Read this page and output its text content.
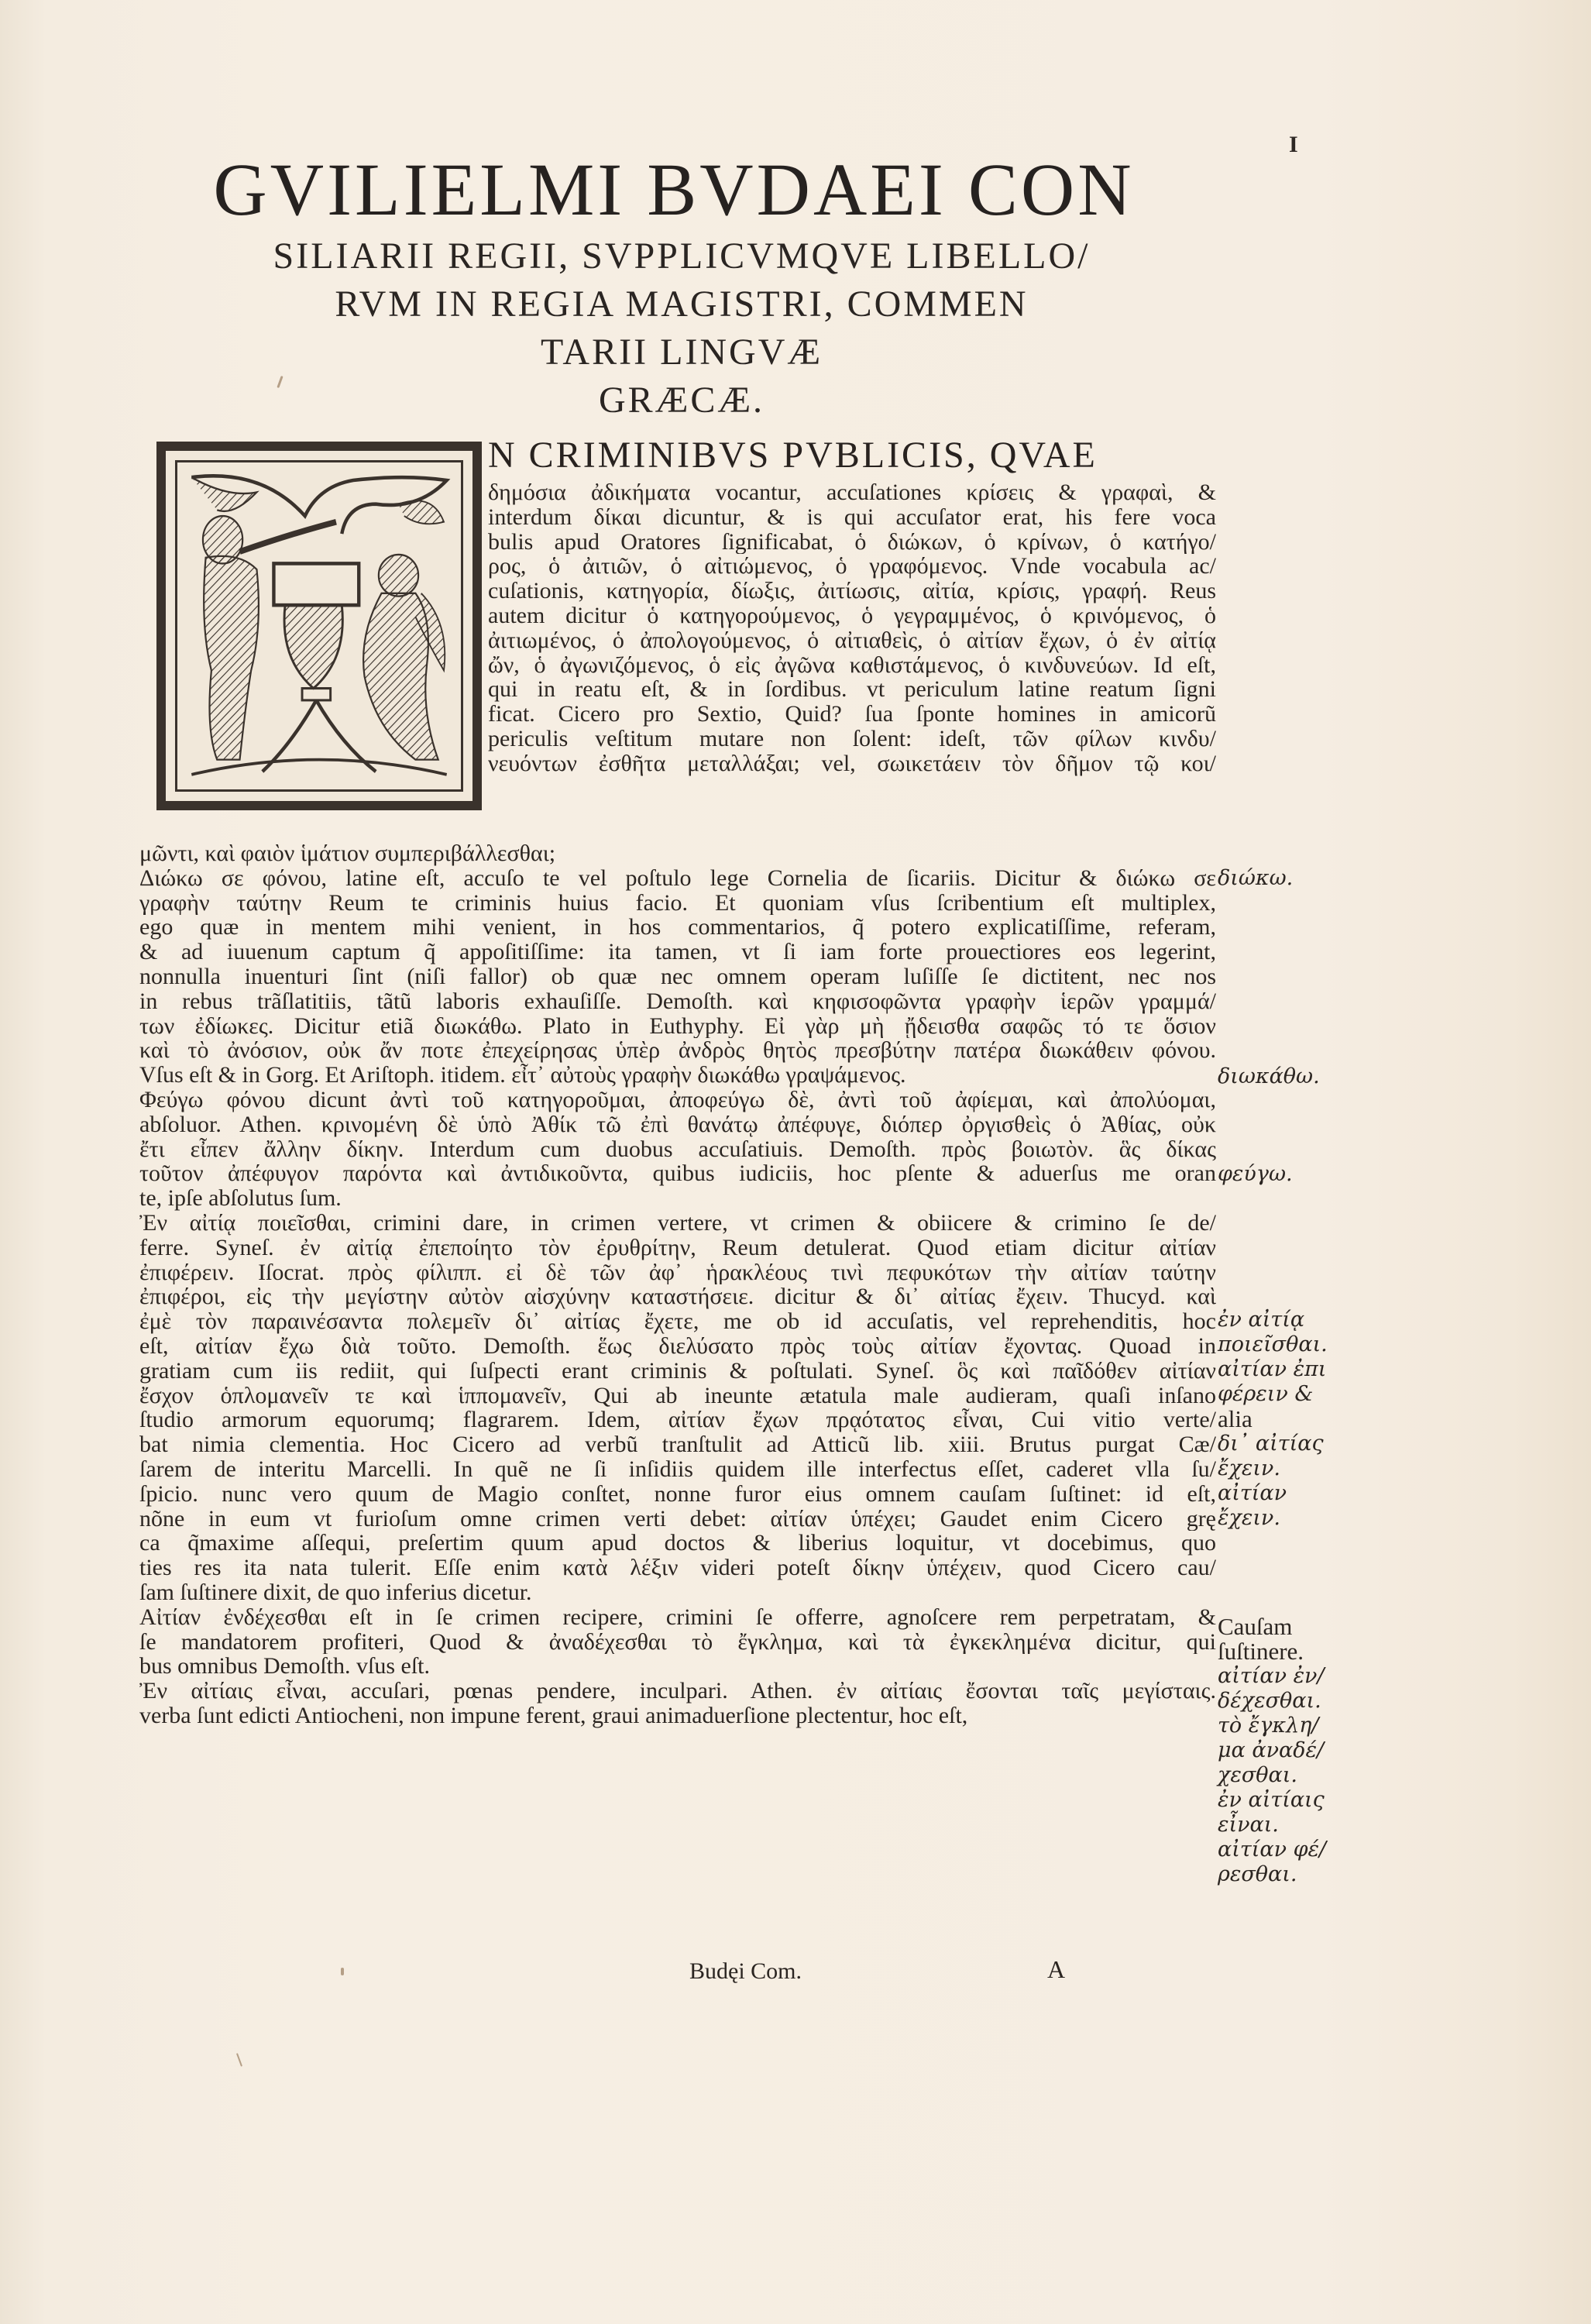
I
GVILIELMI BVDAEI CON
SILIARII REGII, SVPPLICVMQVE LIBELLO/
RVM IN REGIA MAGISTRI, COMMEN
TARII LINGVÆ
GRÆCÆ.
N CRIMINIBVS PVBLICIS, QVAE
δημόσια ἀδικήματα vocantur, accuſationes κρίσεις & γραφαὶ, &
interdum δίκαι dicuntur, & is qui accuſator erat, his fere voca
bulis apud Oratores ſignificabat, ὁ διώκων, ὁ κρίνων, ὁ κατήγο/
ρος, ὁ ἀιτιῶν, ὁ αἰτιώμενος, ὁ γραφόμενος. Vnde vocabula ac/
cuſationis, κατηγορία, δίωξις, ἀιτίωσις, αἰτία, κρίσις, γραφή. Reus
autem dicitur ὁ κατηγορούμενος, ὁ γεγραμμένος, ὁ κρινόμενος, ὁ
ἀιτιωμένος, ὁ ἀπολογούμενος, ὁ αἰτιαθεὶς, ὁ αἰτίαν ἔχων, ὁ ἐν αἰτίᾳ
ὤν, ὁ ἀγωνιζόμενος, ὁ εἰς ἀγῶνα καθιστάμενος, ὁ κινδυνεύων. Id eſt,
qui in reatu eſt, & in ſordibus. vt periculum latine reatum ſigni
ficat. Cicero pro Sextio, Quid? ſua ſponte homines in amicorũ
periculis veſtitum mutare non ſolent: ideſt, τῶν φίλων κινδυ/
νευόντων ἐσθῆτα μεταλλάξαι; vel, σωικετάειν τὸν δῆμον τῷ κοι/
μῶντι, καὶ φαιὸν ἱμάτιον συμπεριβάλλεσθαι;
Διώκω σε φόνου, latine eſt, accuſo te vel poſtulo lege Cornelia de ſicariis. Dicitur & διώκω σε
γραφὴν ταύτην Reum te criminis huius facio. Et quoniam vſus ſcribentium eſt multiplex,
ego quæ in mentem mihi venient, in hos commentarios, q̃ potero explicatiſſime, referam,
& ad iuuenum captum q̃ appoſitiſſime: ita tamen, vt ſi iam forte prouectiores eos legerint,
nonnulla inuenturi ſint (niſi fallor) ob quæ nec omnem operam luſiſſe ſe dictitent, nec nos
in rebus trãſlatitiis, tãtũ laboris exhauſiſſe. Demoſth. καὶ κηφισοφῶντα γραφὴν ἱερῶν γραμμά/
των ἐδίωκες. Dicitur etiã διωκάθω. Plato in Euthyphy. Εἰ γὰρ μὴ ᾔδεισθα σαφῶς τό τε ὅσιον
καὶ τὸ ἀνόσιον, οὐκ ἄν ποτε ἐπεχείρησας ὑπὲρ ἀνδρὸς θητὸς πρεσβύτην πατέρα διωκάθειν φόνου.
Vſus eſt & in Gorg. Et Ariſtoph. itidem. εἶτ᾽ αὐτοὺς γραφὴν διωκάθω γραψάμενος.
Φεύγω φόνου dicunt ἀντὶ τοῦ κατηγοροῦμαι, ἀποφεύγω δὲ, ἀντὶ τοῦ ἀφίεμαι, καὶ ἀπολύομαι,
abſoluor. Athen. κρινομένη δὲ ὑπὸ Ἀθίκ τῶ ἐπὶ θανάτῳ ἀπέφυγε, διόπερ ὀργισθεὶς ὁ Ἀθίας, οὐκ
ἔτι εἶπεν ἄλλην δίκην. Interdum cum duobus accuſatiuis. Demoſth. πρὸς βοιωτὸν. ἃς δίκας
τοῦτον ἀπέφυγον παρόντα καὶ ἀντιδικοῦντα, quibus iudiciis, hoc pſente & aduerſus me oran
te, ipſe abſolutus ſum.
Ἐν αἰτίᾳ ποιεῖσθαι, crimini dare, in crimen vertere, vt crimen & obiicere & crimino ſe de/
ferre. Syneſ. ἐν αἰτίᾳ ἐπεποίητο τὸν ἐρυθρίτην, Reum detulerat. Quod etiam dicitur αἰτίαν
ἐπιφέρειν. Iſocrat. πρὸς φίλιππ. εἰ δὲ τῶν ἀφ᾽ ἡρακλέους τινὶ πεφυκότων τὴν αἰτίαν ταύτην
ἐπιφέροι, εἰς τὴν μεγίστην αὐτὸν αἰσχύνην καταστήσειε. dicitur & δι᾽ αἰτίας ἔχειν. Thucyd. καὶ
ἐμὲ τὸν παραινέσαντα πολεμεῖν δι᾽ αἰτίας ἔχετε, me ob id accuſatis, vel reprehenditis, hoc
eſt, αἰτίαν ἔχω διὰ τοῦτο. Demoſth. ἕως διελύσατο πρὸς τοὺς αἰτίαν ἔχοντας. Quoad in
gratiam cum iis rediit, qui ſuſpecti erant criminis & poſtulati. Syneſ. ὃς καὶ παῖδόθεν αἰτίαν
ἔσχον ὁπλομανεῖν τε καὶ ἱππομανεῖν, Qui ab ineunte ætatula male audieram, quaſi inſano
ſtudio armorum equorumq; flagrarem. Idem, αἰτίαν ἔχων πρᾳότατος εἶναι, Cui vitio verte/
bat nimia clementia. Hoc Cicero ad verbũ tranſtulit ad Atticũ lib. xiii. Brutus purgat Cæ/
ſarem de interitu Marcelli. In quẽ ne ſi inſidiis quidem ille interfectus eſſet, caderet vlla ſu/
ſpicio. nunc vero quum de Magio conſtet, nonne furor eius omnem cauſam ſuſtinet: id eſt,
nõne in eum vt furioſum omne crimen verti debet: αἰτίαν ὑπέχει; Gaudet enim Cicero grę
ca q̃maxime aſſequi, preſertim quum apud doctos & liberius loquitur, vt docebimus, quo
ties res ita nata tulerit. Eſſe enim κατὰ λέξιν videri poteſt δίκην ὑπέχειν, quod Cicero cau/
ſam ſuſtinere dixit, de quo inferius dicetur.
Αἰτίαν ἐνδέχεσθαι eſt in ſe crimen recipere, crimini ſe offerre, agnoſcere rem perpetratam, &
ſe mandatorem profiteri, Quod & ἀναδέχεσθαι τὸ ἔγκλημα, καὶ τὰ ἐγκεκλημένα dicitur, qui
bus omnibus Demoſth. vſus eſt.
Ἐν αἰτίαις εἶναι, accuſari, pœnas pendere, inculpari. Athen. ἐν αἰτίαις ἔσονται ταῖς μεγίσταις.
verba ſunt edicti Antiocheni, non impune ferent, graui animaduerſione plectentur, hoc eſt,
διώκω.
διωκάθω.
φεύγω.
ἐν αἰτίᾳ
ποιεῖσθαι.
αἰτίαν ἐπι
φέρειν &
alia
δι᾽ αἰτίας
ἔχειν.
αἰτίαν
ἔχειν.
Cauſam
ſuſtinere.
αἰτίαν ἐν/
δέχεσθαι.
τὸ ἔγκλη/
μα ἀναδέ/
χεσθαι.
ἐν αἰτίαις
εἶναι.
αἰτίαν φέ/
ρεσθαι.
Budęi Com.	A
